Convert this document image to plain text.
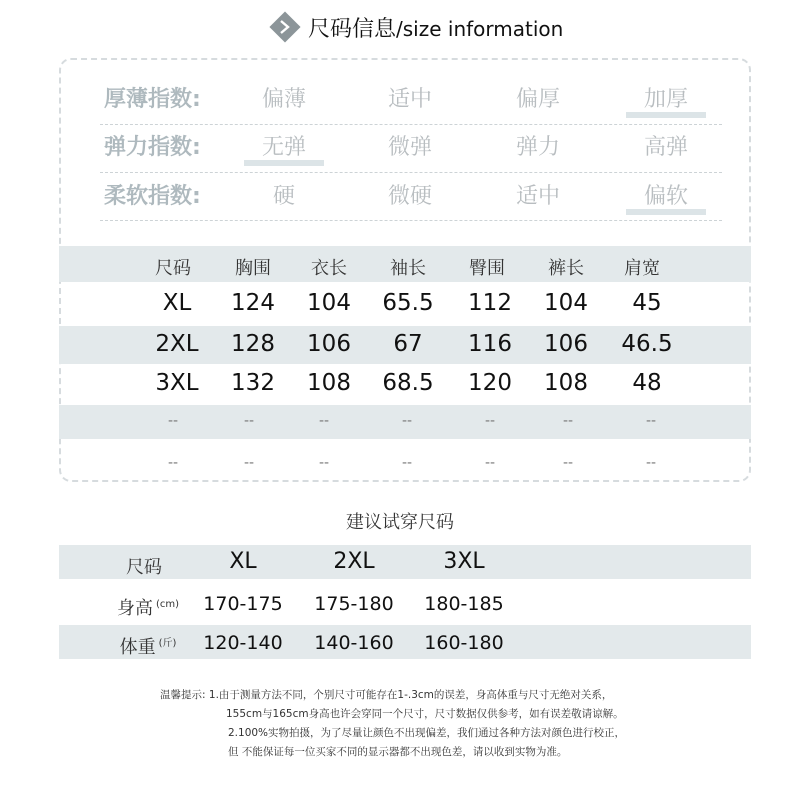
尺码信息/size information
厚薄指数:	偏薄	适中	偏厚	加厚
弹力指数:	无弹	微弹	弹力	高弹
柔软指数:	硬	微硬	适中	偏软
尺码	胸围	衣长	袖长	臀围	裤长	肩宽
XL	124	104	65.5	112	104	45
2XL	128	106	67	116	106	46.5
3XL	132	108	68.5	120	108	48
--	--	--	--	--	--	--
--	--	--	--	--	--	--
建议试穿尺码
尺码	XL	2XL	3XL
身高 $^{(cm)}$	170-175	175-180	180-185
体重 $^{(斤)}$	120-140	140-160	160-180
温馨提示: 1.由于测量方法不同，个别尺寸可能存在1-.3cm的误差，身高体重与尺寸无绝对关系，
155cm与165cm身高也许会穿同一个尺寸，尺寸数据仅供参考，如有误差敬请谅解。
2.100%实物拍摄，为了尽量让颜色不出现偏差，我们通过各种方法对颜色进行校正，
但 不能保证每一位买家不同的显示器都不出现色差，请以收到实物为准。
